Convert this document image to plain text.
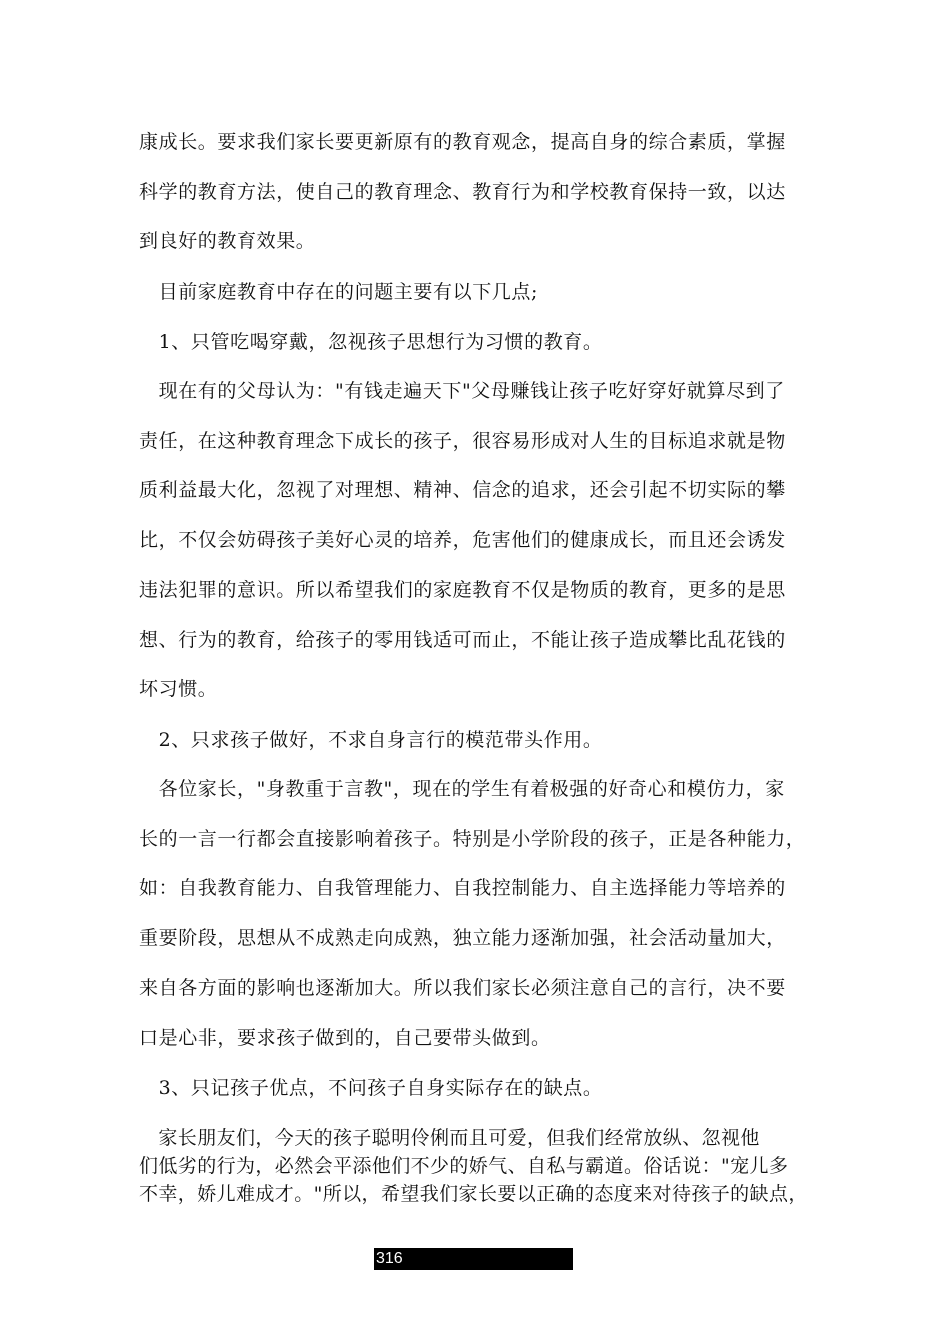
康成长。要求我们家长要更新原有的教育观念，提高自身的综合素质，掌握
科学的教育方法，使自己的教育理念、教育行为和学校教育保持一致，以达
到良好的教育效果。
　目前家庭教育中存在的问题主要有以下几点;
　1、只管吃喝穿戴，忽视孩子思想行为习惯的教育。
　现在有的父母认为："有钱走遍天下"父母赚钱让孩子吃好穿好就算尽到了
责任，在这种教育理念下成长的孩子，很容易形成对人生的目标追求就是物
质利益最大化，忽视了对理想、精神、信念的追求，还会引起不切实际的攀
比，不仅会妨碍孩子美好心灵的培养，危害他们的健康成长，而且还会诱发
违法犯罪的意识。所以希望我们的家庭教育不仅是物质的教育，更多的是思
想、行为的教育，给孩子的零用钱适可而止，不能让孩子造成攀比乱花钱的
坏习惯。
　2、只求孩子做好，不求自身言行的模范带头作用。
　各位家长，"身教重于言教"，现在的学生有着极强的好奇心和模仿力，家
长的一言一行都会直接影响着孩子。特别是小学阶段的孩子，正是各种能力，
如：自我教育能力、自我管理能力、自我控制能力、自主选择能力等培养的
重要阶段，思想从不成熟走向成熟，独立能力逐渐加强，社会活动量加大，
来自各方面的影响也逐渐加大。所以我们家长必须注意自己的言行，决不要
口是心非，要求孩子做到的，自己要带头做到。
　3、只记孩子优点，不问孩子自身实际存在的缺点。
　家长朋友们，今天的孩子聪明伶俐而且可爱，但我们经常放纵、忽视他
们低劣的行为，必然会平添他们不少的娇气、自私与霸道。俗话说："宠儿多
不幸，娇儿难成才。"所以，希望我们家长要以正确的态度来对待孩子的缺点，
316
